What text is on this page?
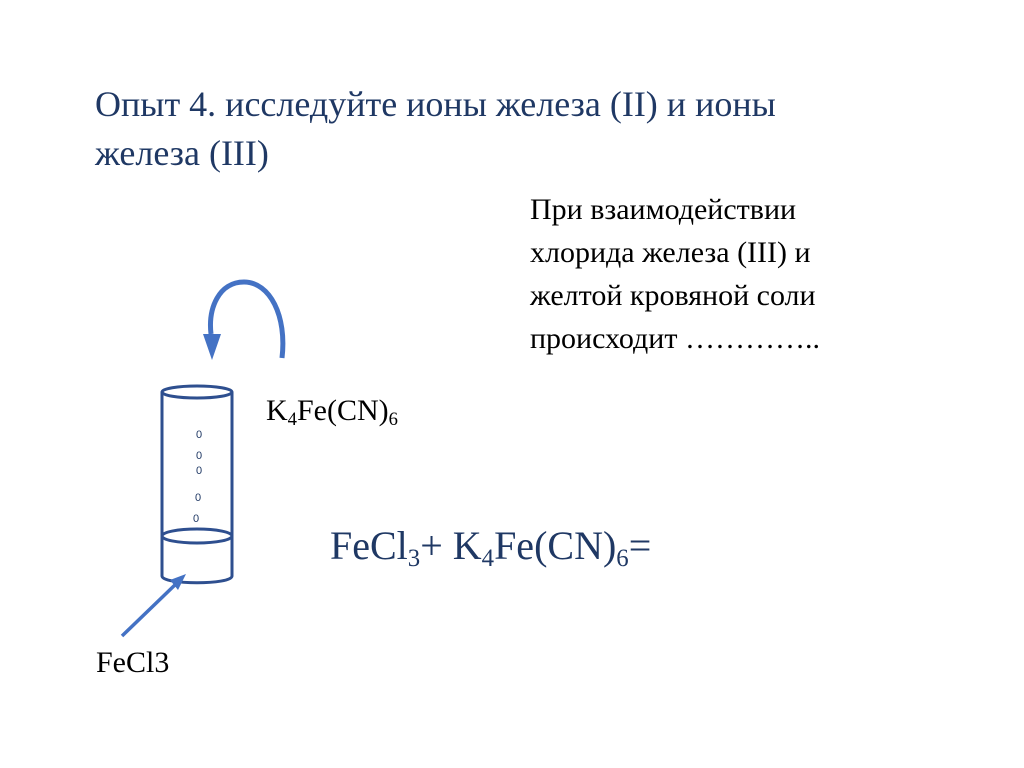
Опыт 4. исследуйте ионы железа (II) и ионы
железа (III)
При взаимодействии
хлорида железа (III) и
желтой кровяной соли
происходит …………..
0
0
0
0
0
$K_4Fe(CN)_6$
FeCl$_3$+ $K_4Fe(CN)_6=$
FeCl3
